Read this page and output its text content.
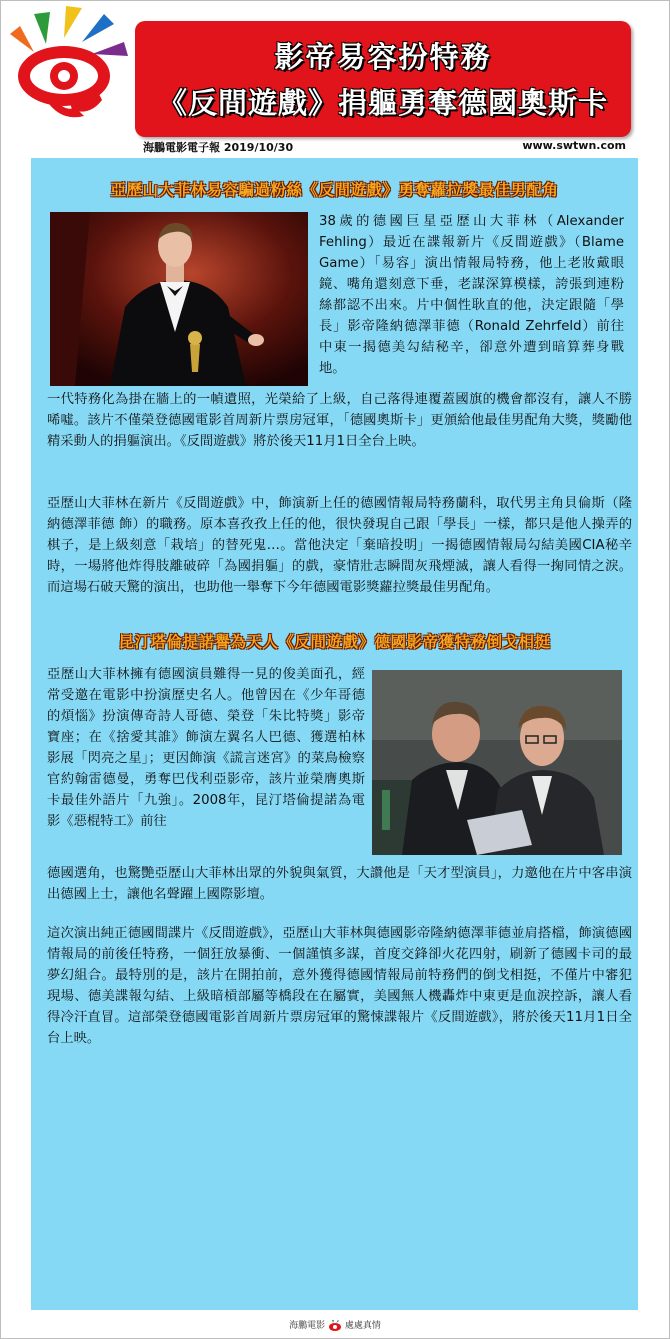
影帝易容扮特務
《反間遊戲》捐軀勇奪德國奧斯卡
海鵬電影電子報 2019/10/30	www.swtwn.com
亞歷山大菲林易容騙過粉絲《反間遊戲》勇奪蘿拉獎最佳男配角
38歲的德國巨星亞歷山大菲林（Alexander Fehling）最近在諜報新片《反間遊戲》（Blame Game）「易容」演出情報局特務，他上老妝戴眼鏡、嘴角還刻意下垂，老謀深算模樣，誇張到連粉絲都認不出來。片中個性耿直的他，決定跟隨「學長」影帝隆納德澤菲德（Ronald Zehrfeld）前往中東一揭德美勾結秘辛，卻意外遭到暗算葬身戰地。
一代特務化為掛在牆上的一幀遺照，光榮給了上級，自己落得連覆蓋國旗的機會都沒有，讓人不勝唏噓。該片不僅榮登德國電影首周新片票房冠軍，「德國奧斯卡」更頒給他最佳男配角大獎，獎勵他精采動人的捐軀演出。《反間遊戲》將於後天11月1日全台上映。
亞歷山大菲林在新片《反間遊戲》中，飾演新上任的德國情報局特務蘭科，取代男主角貝倫斯（隆納德澤菲德 飾）的職務。原本喜孜孜上任的他，很快發現自己跟「學長」一樣，都只是他人操弄的棋子，是上級刻意「栽培」的替死鬼…。當他決定「棄暗投明」一揭德國情報局勾結美國CIA秘辛時，一場將他炸得肢離破碎「為國捐軀」的戲，豪情壯志瞬間灰飛煙滅，讓人看得一掬同情之淚。而這場石破天驚的演出，也助他一舉奪下今年德國電影獎蘿拉獎最佳男配角。
昆汀塔倫提諾譽為天人《反間遊戲》德國影帝獲特務倒戈相挺
亞歷山大菲林擁有德國演員難得一見的俊美面孔，經常受邀在電影中扮演歷史名人。他曾因在《少年哥德的煩惱》扮演傳奇詩人哥德、榮登「朱比特獎」影帝寶座；在《捨愛其誰》飾演左翼名人巴德、獲選柏林影展「閃亮之星」；更因飾演《謊言迷宮》的菜鳥檢察官約翰雷德曼，勇奪巴伐利亞影帝，該片並榮膺奧斯卡最佳外語片「九強」。2008年，昆汀塔倫提諾為電影《惡棍特工》前往
德國選角，也驚艷亞歷山大菲林出眾的外貌與氣質，大讚他是「天才型演員」，力邀他在片中客串演出德國上士，讓他名聲躍上國際影壇。
這次演出純正德國間諜片《反間遊戲》，亞歷山大菲林與德國影帝隆納德澤菲德並肩搭檔，飾演德國情報局的前後任特務，一個狂放暴衝、一個謹慎多謀，首度交鋒卻火花四射，刷新了德國卡司的最夢幻組合。最特別的是，該片在開拍前，意外獲得德國情報局前特務們的倒戈相挺，不僅片中審犯現場、德美諜報勾結、上級暗槓部屬等橋段在在屬實，美國無人機轟炸中東更是血淚控訴，讓人看得冷汗直冒。這部榮登德國電影首周新片票房冠軍的驚悚諜報片《反間遊戲》，將於後天11月1日全台上映。
海鵬電影 處處真情
